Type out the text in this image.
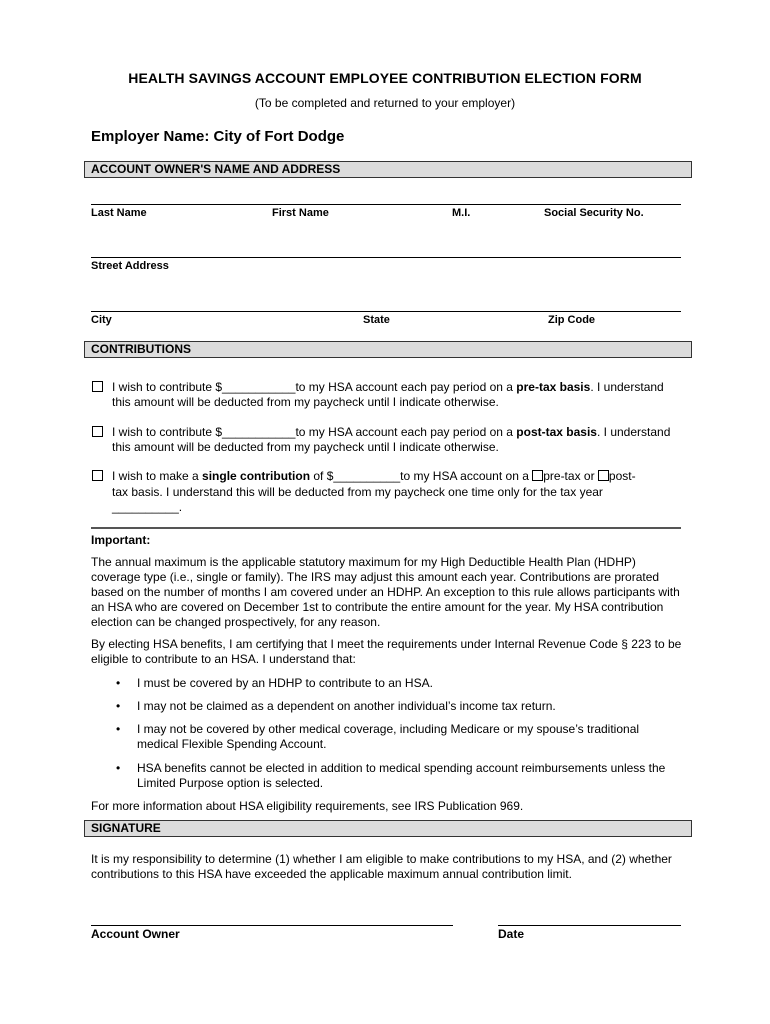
HEALTH SAVINGS ACCOUNT EMPLOYEE CONTRIBUTION ELECTION FORM
(To be completed and returned to your employer)
Employer Name: City of Fort Dodge
ACCOUNT OWNER'S NAME AND ADDRESS
Last Name	First Name	M.I.	Social Security No.
Street Address
City	State	Zip Code
CONTRIBUTIONS
I wish to contribute $___________to my HSA account each pay period on a pre-tax basis. I understand this amount will be deducted from my paycheck until I indicate otherwise.
I wish to contribute $___________to my HSA account each pay period on a post-tax basis. I understand this amount will be deducted from my paycheck until I indicate otherwise.
I wish to make a single contribution of $__________to my HSA account on a pre-tax or post-
tax basis. I understand this will be deducted from my paycheck one time only for the tax year
__________.
Important:
The annual maximum is the applicable statutory maximum for my High Deductible Health Plan (HDHP) coverage type (i.e., single or family). The IRS may adjust this amount each year. Contributions are prorated based on the number of months I am covered under an HDHP. An exception to this rule allows participants with an HSA who are covered on December 1st to contribute the entire amount for the year. My HSA contribution election can be changed prospectively, for any reason.
By electing HSA benefits, I am certifying that I meet the requirements under Internal Revenue Code § 223 to be eligible to contribute to an HSA. I understand that:
• I must be covered by an HDHP to contribute to an HSA.
• I may not be claimed as a dependent on another individual’s income tax return.
• I may not be covered by other medical coverage, including Medicare or my spouse’s traditional medical Flexible Spending Account.
• HSA benefits cannot be elected in addition to medical spending account reimbursements unless the Limited Purpose option is selected.
For more information about HSA eligibility requirements, see IRS Publication 969.
SIGNATURE
It is my responsibility to determine (1) whether I am eligible to make contributions to my HSA, and (2) whether contributions to this HSA have exceeded the applicable maximum annual contribution limit.
Account Owner	Date
